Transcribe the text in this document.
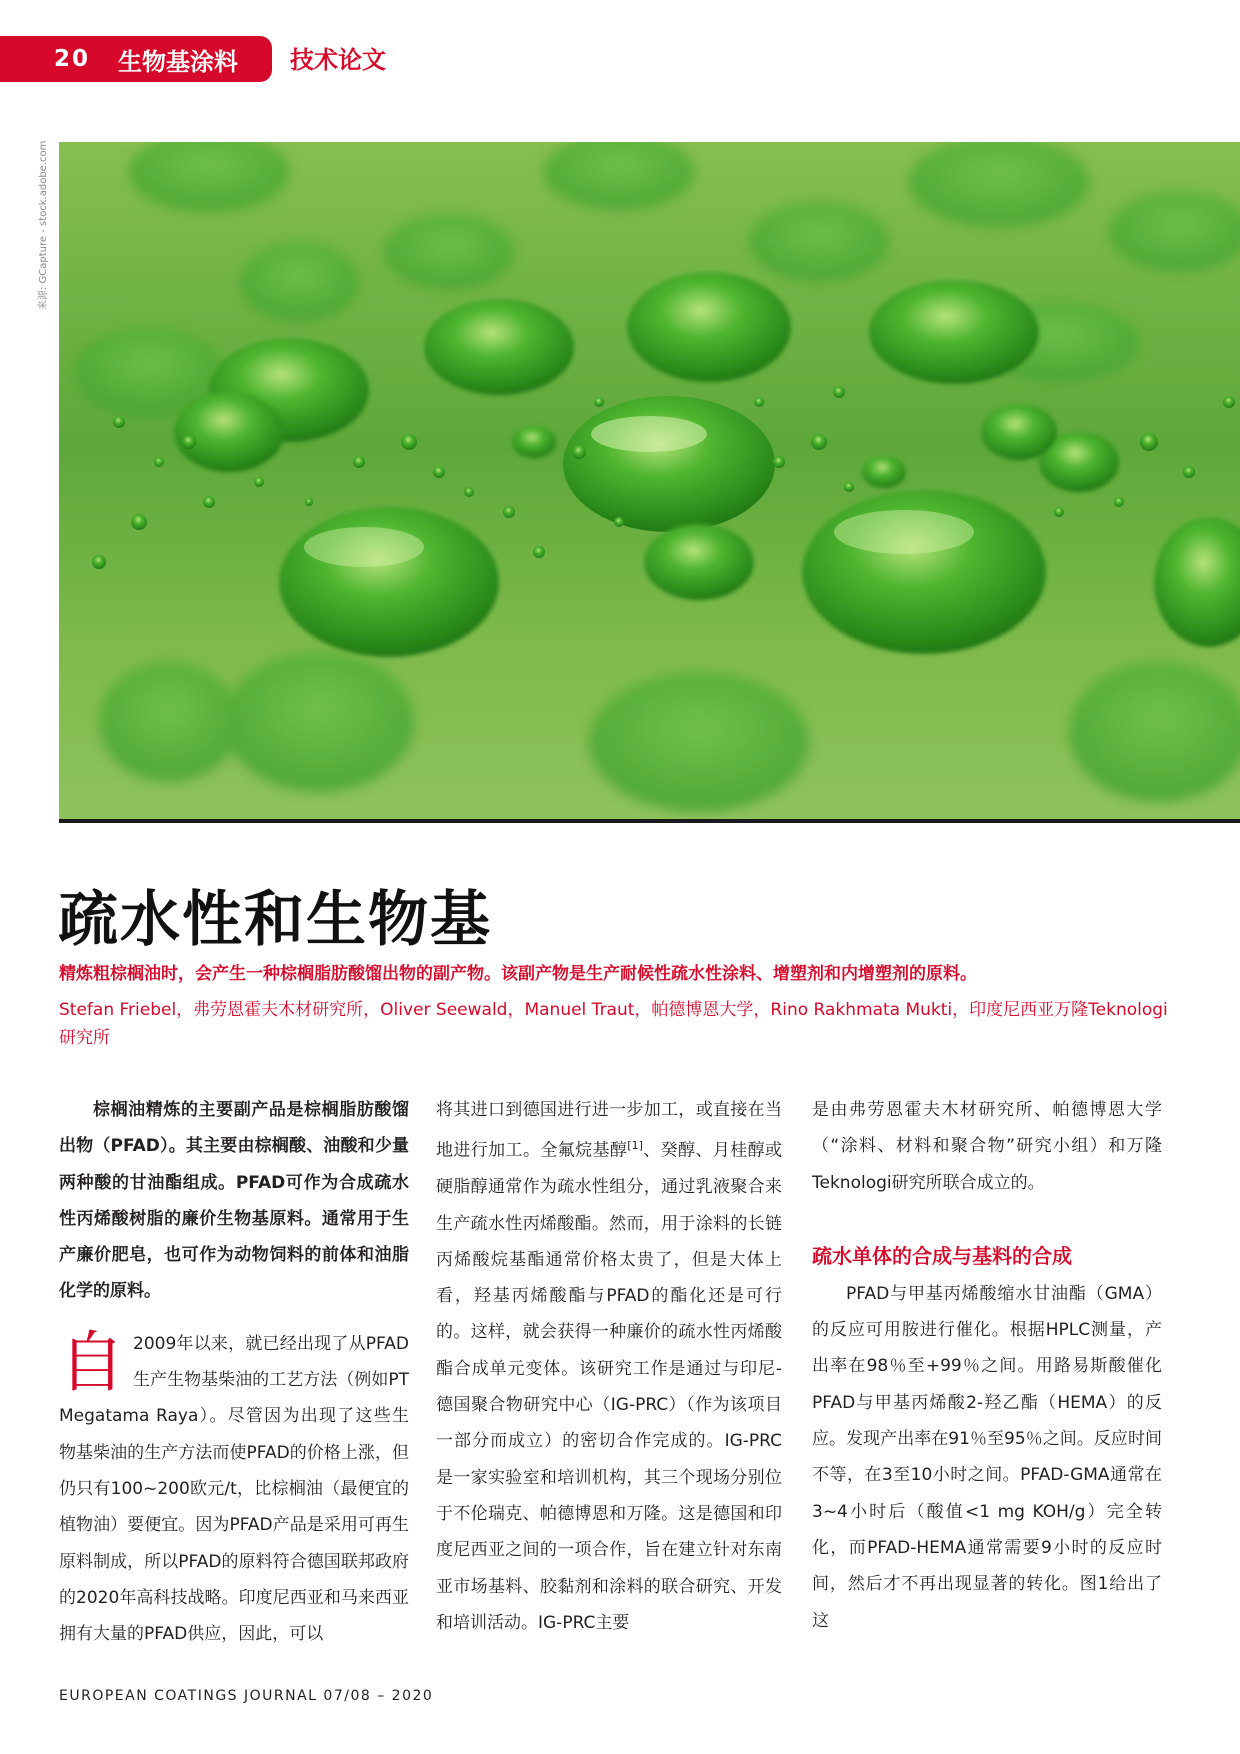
20 生物基涂料 技术论文
来源: GCapture - stock.adobe.com
疏水性和生物基
精炼粗棕榈油时，会产生一种棕榈脂肪酸馏出物的副产物。该副产物是生产耐候性疏水性涂料、增塑剂和内增塑剂的原料。
Stefan Friebel，弗劳恩霍夫木材研究所，Oliver Seewald，Manuel Traut，帕德博恩大学，Rino Rakhmata Mukti，印度尼西亚万隆Teknologi研究所

棕榈油精炼的主要副产品是棕榈脂肪酸馏出物（PFAD）。其主要由棕榈酸、油酸和少量两种酸的甘油酯组成。PFAD可作为合成疏水性丙烯酸树脂的廉价生物基原料。通常用于生产廉价肥皂，也可作为动物饲料的前体和油脂化学的原料。

自 2009年以来，就已经出现了从PFAD生产生物基柴油的工艺方法（例如PT Megatama Raya）。尽管因为出现了这些生物基柴油的生产方法而使PFAD的价格上涨，但仍只有100~200欧元/t，比棕榈油（最便宜的植物油）要便宜。因为PFAD产品是采用可再生原料制成，所以PFAD的原料符合德国联邦政府的2020年高科技战略。印度尼西亚和马来西亚拥有大量的PFAD供应，因此，可以

将其进口到德国进行进一步加工，或直接在当地进行加工。全氟烷基醇[1]、癸醇、月桂醇或硬脂醇通常作为疏水性组分，通过乳液聚合来生产疏水性丙烯酸酯。然而，用于涂料的长链丙烯酸烷基酯通常价格太贵了，但是大体上看，羟基丙烯酸酯与PFAD的酯化还是可行的。这样，就会获得一种廉价的疏水性丙烯酸酯合成单元变体。该研究工作是通过与印尼-德国聚合物研究中心（IG-PRC）（作为该项目一部分而成立）的密切合作完成的。IG-PRC是一家实验室和培训机构，其三个现场分别位于不伦瑞克、帕德博恩和万隆。这是德国和印度尼西亚之间的一项合作，旨在建立针对东南亚市场基料、胶黏剂和涂料的联合研究、开发和培训活动。IG-PRC主要

是由弗劳恩霍夫木材研究所、帕德博恩大学（“涂料、材料和聚合物”研究小组）和万隆Teknologi研究所联合成立的。

疏水单体的合成与基料的合成

PFAD与甲基丙烯酸缩水甘油酯（GMA）的反应可用胺进行催化。根据HPLC测量，产出率在98％至+99％之间。用路易斯酸催化PFAD与甲基丙烯酸2-羟乙酯（HEMA）的反应。发现产出率在91％至95％之间。反应时间不等，在3至10小时之间。PFAD-GMA通常在3~4小时后（酸值<1 mg KOH/g）完全转化，而PFAD-HEMA通常需要9小时的反应时间，然后才不再出现显著的转化。图1给出了这

EUROPEAN COATINGS JOURNAL 07/08 – 2020
